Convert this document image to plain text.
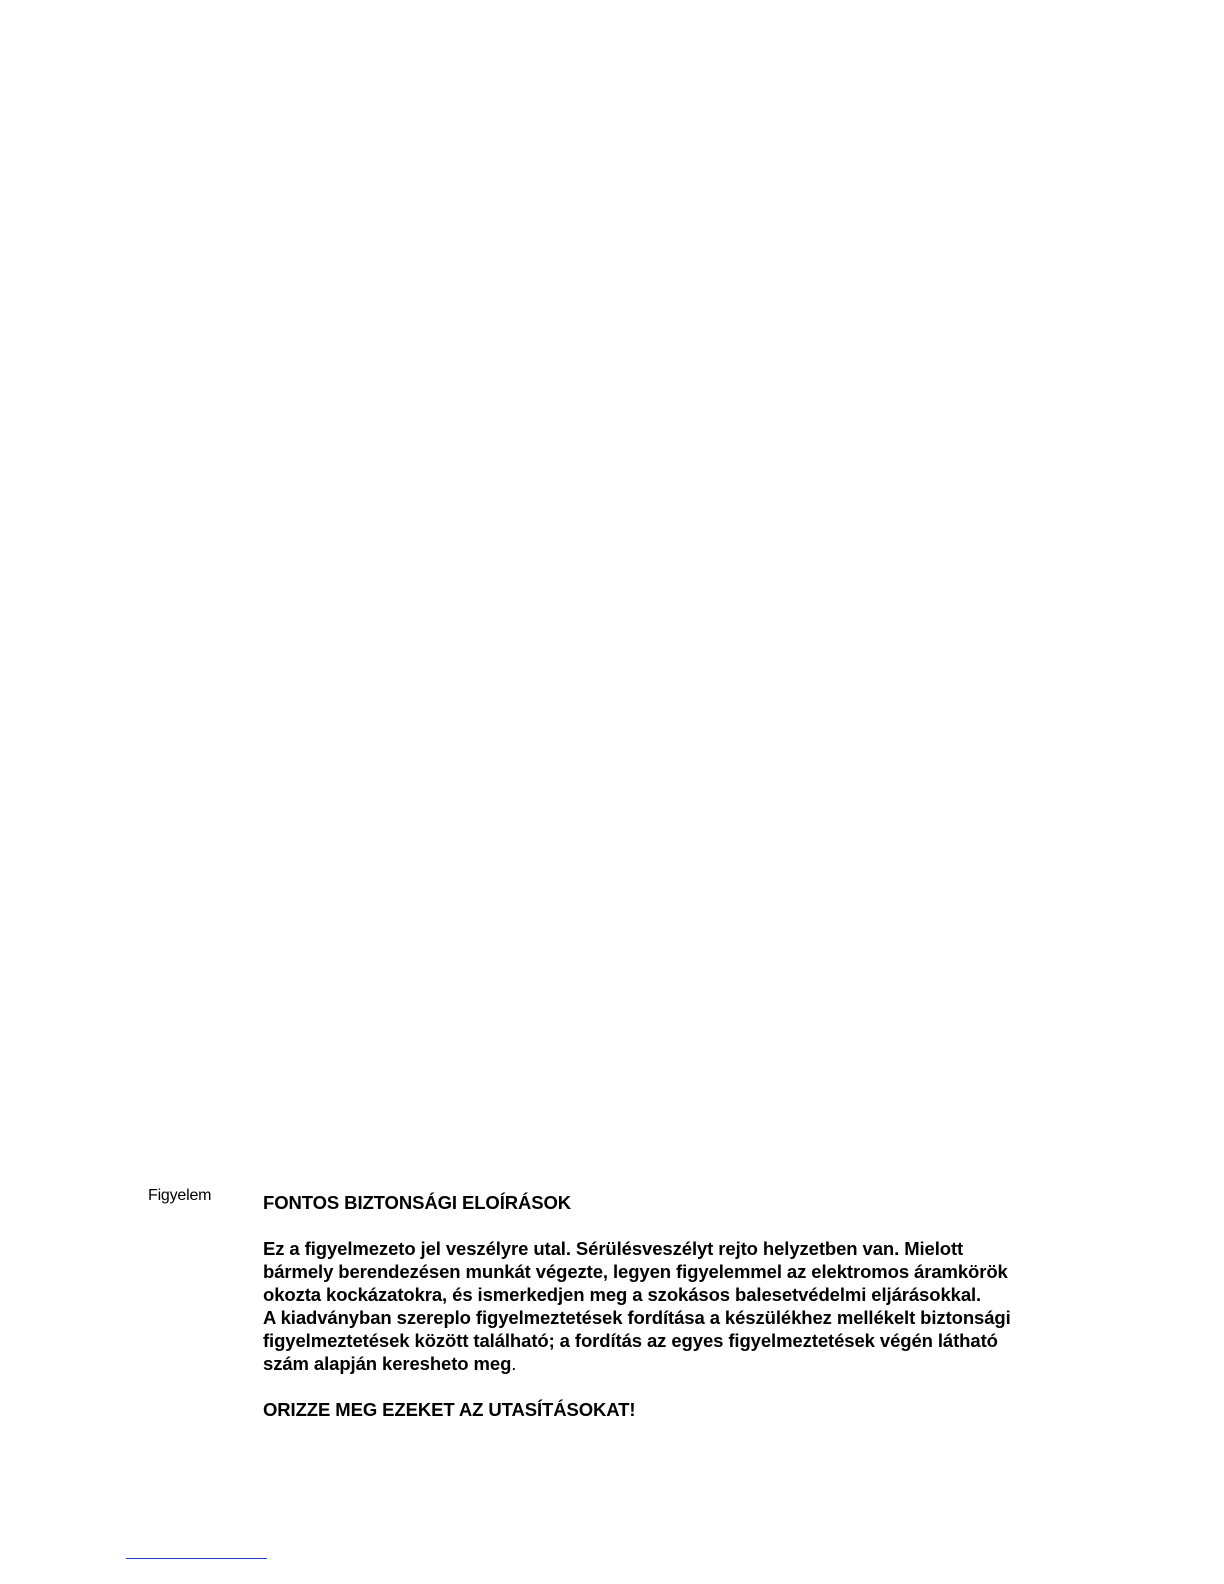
Figyelem	FONTOS BIZTONSÁGI ELOÍRÁSOK

Ez a figyelmezeto jel veszélyre utal. Sérülésveszélyt rejto helyzetben van. Mielott
bármely berendezésen munkát végezte, legyen figyelemmel az elektromos áramkörök
okozta kockázatokra, és ismerkedjen meg a szokásos balesetvédelmi eljárásokkal.
A kiadványban szereplo figyelmeztetések fordítása a készülékhez mellékelt biztonsági
figyelmeztetések között található; a fordítás az egyes figyelmeztetések végén látható
szám alapján keresheto meg.

ORIZZE MEG EZEKET AZ UTASÍTÁSOKAT!
